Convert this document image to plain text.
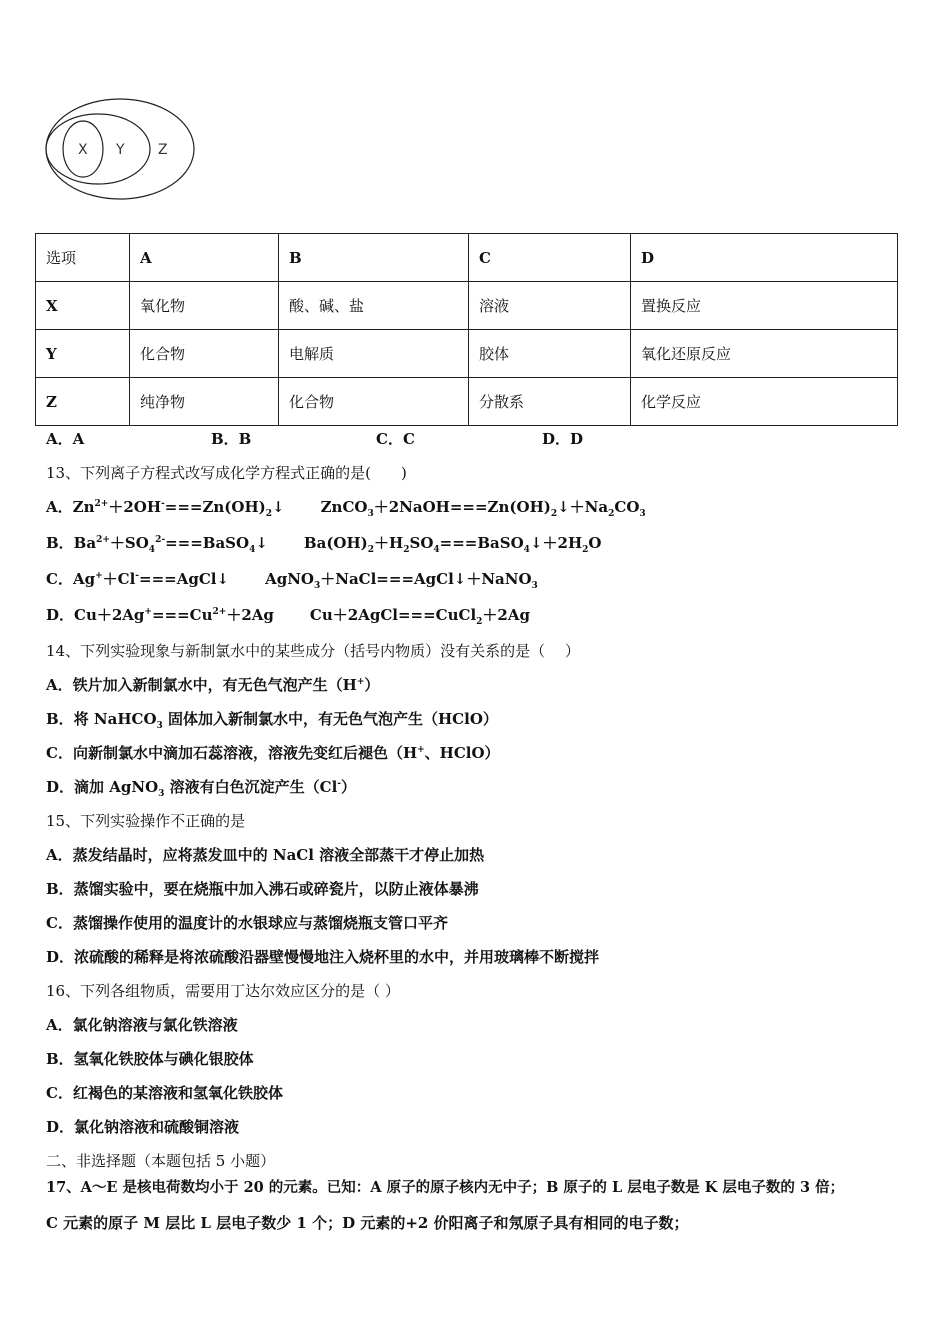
X Y Z
选项	A	B	C	D
X	氧化物	酸、碱、盐	溶液	置换反应
Y	化合物	电解质	胶体	氧化还原反应
Z	纯净物	化合物	分散系	化学反应
A．A	B．B	C．C	D．D
13、下列离子方程式改写成化学方程式正确的是(　　)
A．$Zn^{2+}+2OH^-===Zn(OH)_2↓$ $ZnCO_3+2NaOH===Zn(OH)_2↓+Na_2CO_3$
B．$Ba^{2+}+SO_4^{2-}===BaSO_4↓$ $Ba(OH)_2+H_2SO_4===BaSO_4↓+2H_2O$
C．Ag+＋Cl-===AgCl↓ AgNO$_3$＋NaCl===AgCl↓＋NaNO$_3$
D．$Cu+2Ag^+===Cu^{2+}+2Ag$ Cu＋2AgCl===CuCl$_2$＋2Ag
14、下列实验现象与新制氯水中的某些成分（括号内物质）没有关系的是（　 ）
A．铁片加入新制氯水中，有无色气泡产生（H+）
B．将 NaHCO$_3$ 固体加入新制氯水中，有无色气泡产生（HClO）
C．向新制氯水中滴加石蕊溶液，溶液先变红后褪色（H+、HClO）
D．滴加 AgNO$_3$ 溶液有白色沉淀产生（Cl-）
15、下列实验操作不正确的是
A．蒸发结晶时，应将蒸发皿中的 NaCl 溶液全部蒸干才停止加热
B．蒸馏实验中，要在烧瓶中加入沸石或碎瓷片，以防止液体暴沸
C．蒸馏操作使用的温度计的水银球应与蒸馏烧瓶支管口平齐
D．浓硫酸的稀释是将浓硫酸沿器壁慢慢地注入烧杯里的水中，并用玻璃棒不断搅拌
16、下列各组物质，需要用丁达尔效应区分的是（ ）
A．氯化钠溶液与氯化铁溶液
B．氢氧化铁胶体与碘化银胶体
C．红褐色的某溶液和氢氧化铁胶体
D．氯化钠溶液和硫酸铜溶液
二、非选择题（本题包括 5 小题）
17、A～E 是核电荷数均小于 20 的元素。已知：A 原子的原子核内无中子；B 原子的 L 层电子数是 K 层电子数的 3 倍；
C 元素的原子 M 层比 L 层电子数少 1 个；D 元素的+2 价阳离子和氖原子具有相同的电子数；
